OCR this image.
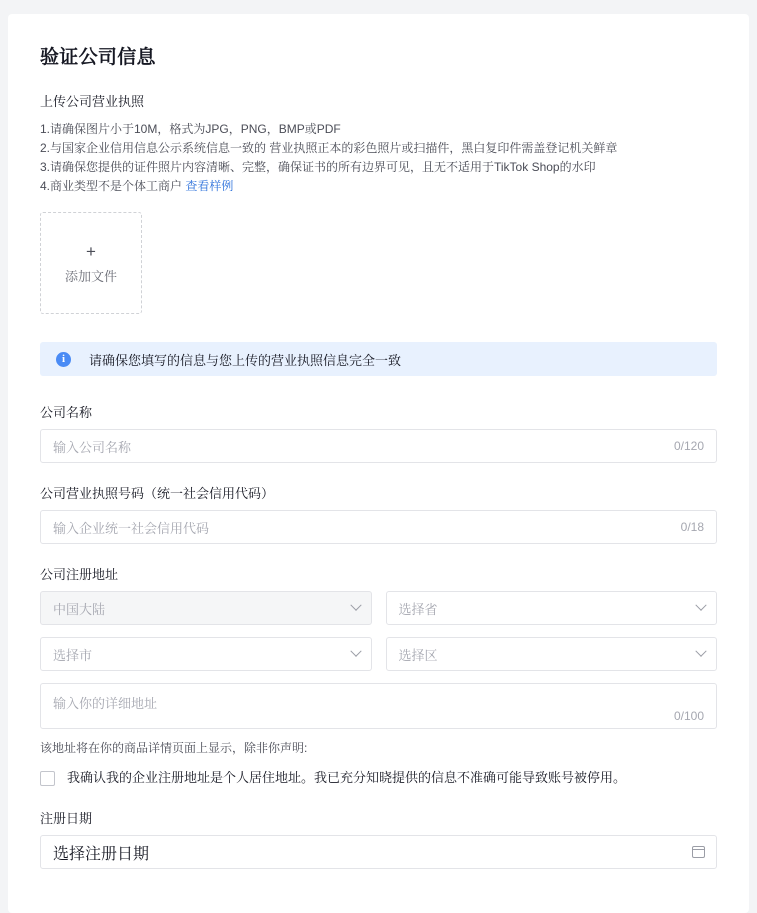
验证公司信息
上传公司营业执照
1.请确保图片小于10M，格式为JPG，PNG，BMP或PDF
2.与国家企业信用信息公示系统信息一致的 营业执照正本的彩色照片或扫描件，黑白复印件需盖登记机关鲜章
3.请确保您提供的证件照片内容清晰、完整，确保证书的所有边界可见，且无不适用于TikTok Shop的水印
4.商业类型不是个体工商户 查看样例
+
添加文件
i	请确保您填写的信息与您上传的营业执照信息完全一致
公司名称
输入公司名称	0/120
公司营业执照号码（统一社会信用代码）
输入企业统一社会信用代码	0/18
公司注册地址
中国大陆	选择省
选择市	选择区
输入你的详细地址
0/100
该地址将在你的商品详情页面上显示，除非你声明:
我确认我的企业注册地址是个人居住地址。我已充分知晓提供的信息不准确可能导致账号被停用。
注册日期
选择注册日期
